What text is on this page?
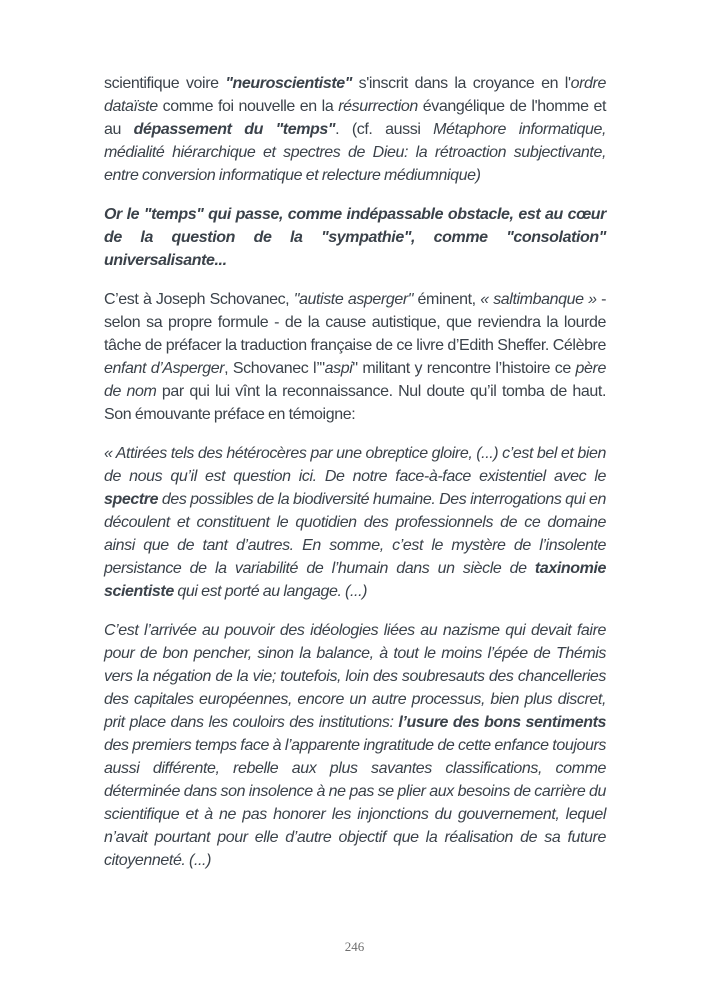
scientifique voire "neuroscientiste" s'inscrit dans la croyance en l'ordre dataïste comme foi nouvelle en la résurrection évangélique de l'homme et au dépassement du "temps". (cf. aussi Métaphore informatique, médialité hiérarchique et spectres de Dieu: la rétroaction subjectivante, entre conversion informatique et relecture médiumnique)

Or le "temps" qui passe, comme indépassable obstacle, est au cœur de la question de la "sympathie", comme "consolation" universalisante...

C’est à Joseph Schovanec, "autiste asperger" éminent, « saltimbanque » - selon sa propre formule - de la cause autistique, que reviendra la lourde tâche de préfacer la traduction française de ce livre d’Edith Sheffer. Célèbre enfant d’Asperger, Schovanec l’"aspi" militant y rencontre l’histoire ce père de nom par qui lui vînt la reconnaissance. Nul doute qu’il tomba de haut. Son émouvante préface en témoigne:

« Attirées tels des hétérocères par une obreptice gloire, (...) c’est bel et bien de nous qu’il est question ici. De notre face-à-face existentiel avec le spectre des possibles de la biodiversité humaine. Des interrogations qui en découlent et constituent le quotidien des professionnels de ce domaine ainsi que de tant d’autres. En somme, c’est le mystère de l’insolente persistance de la variabilité de l’humain dans un siècle de taxinomie scientiste qui est porté au langage. (...)

C’est l’arrivée au pouvoir des idéologies liées au nazisme qui devait faire pour de bon pencher, sinon la balance, à tout le moins l’épée de Thémis vers la négation de la vie; toutefois, loin des soubresauts des chancelleries des capitales européennes, encore un autre processus, bien plus discret, prit place dans les couloirs des institutions: l’usure des bons sentiments des premiers temps face à l’apparente ingratitude de cette enfance toujours aussi différente, rebelle aux plus savantes classifications, comme déterminée dans son insolence à ne pas se plier aux besoins de carrière du scientifique et à ne pas honorer les injonctions du gouvernement, lequel n’avait pourtant pour elle d’autre objectif que la réalisation de sa future citoyenneté. (...)

246
